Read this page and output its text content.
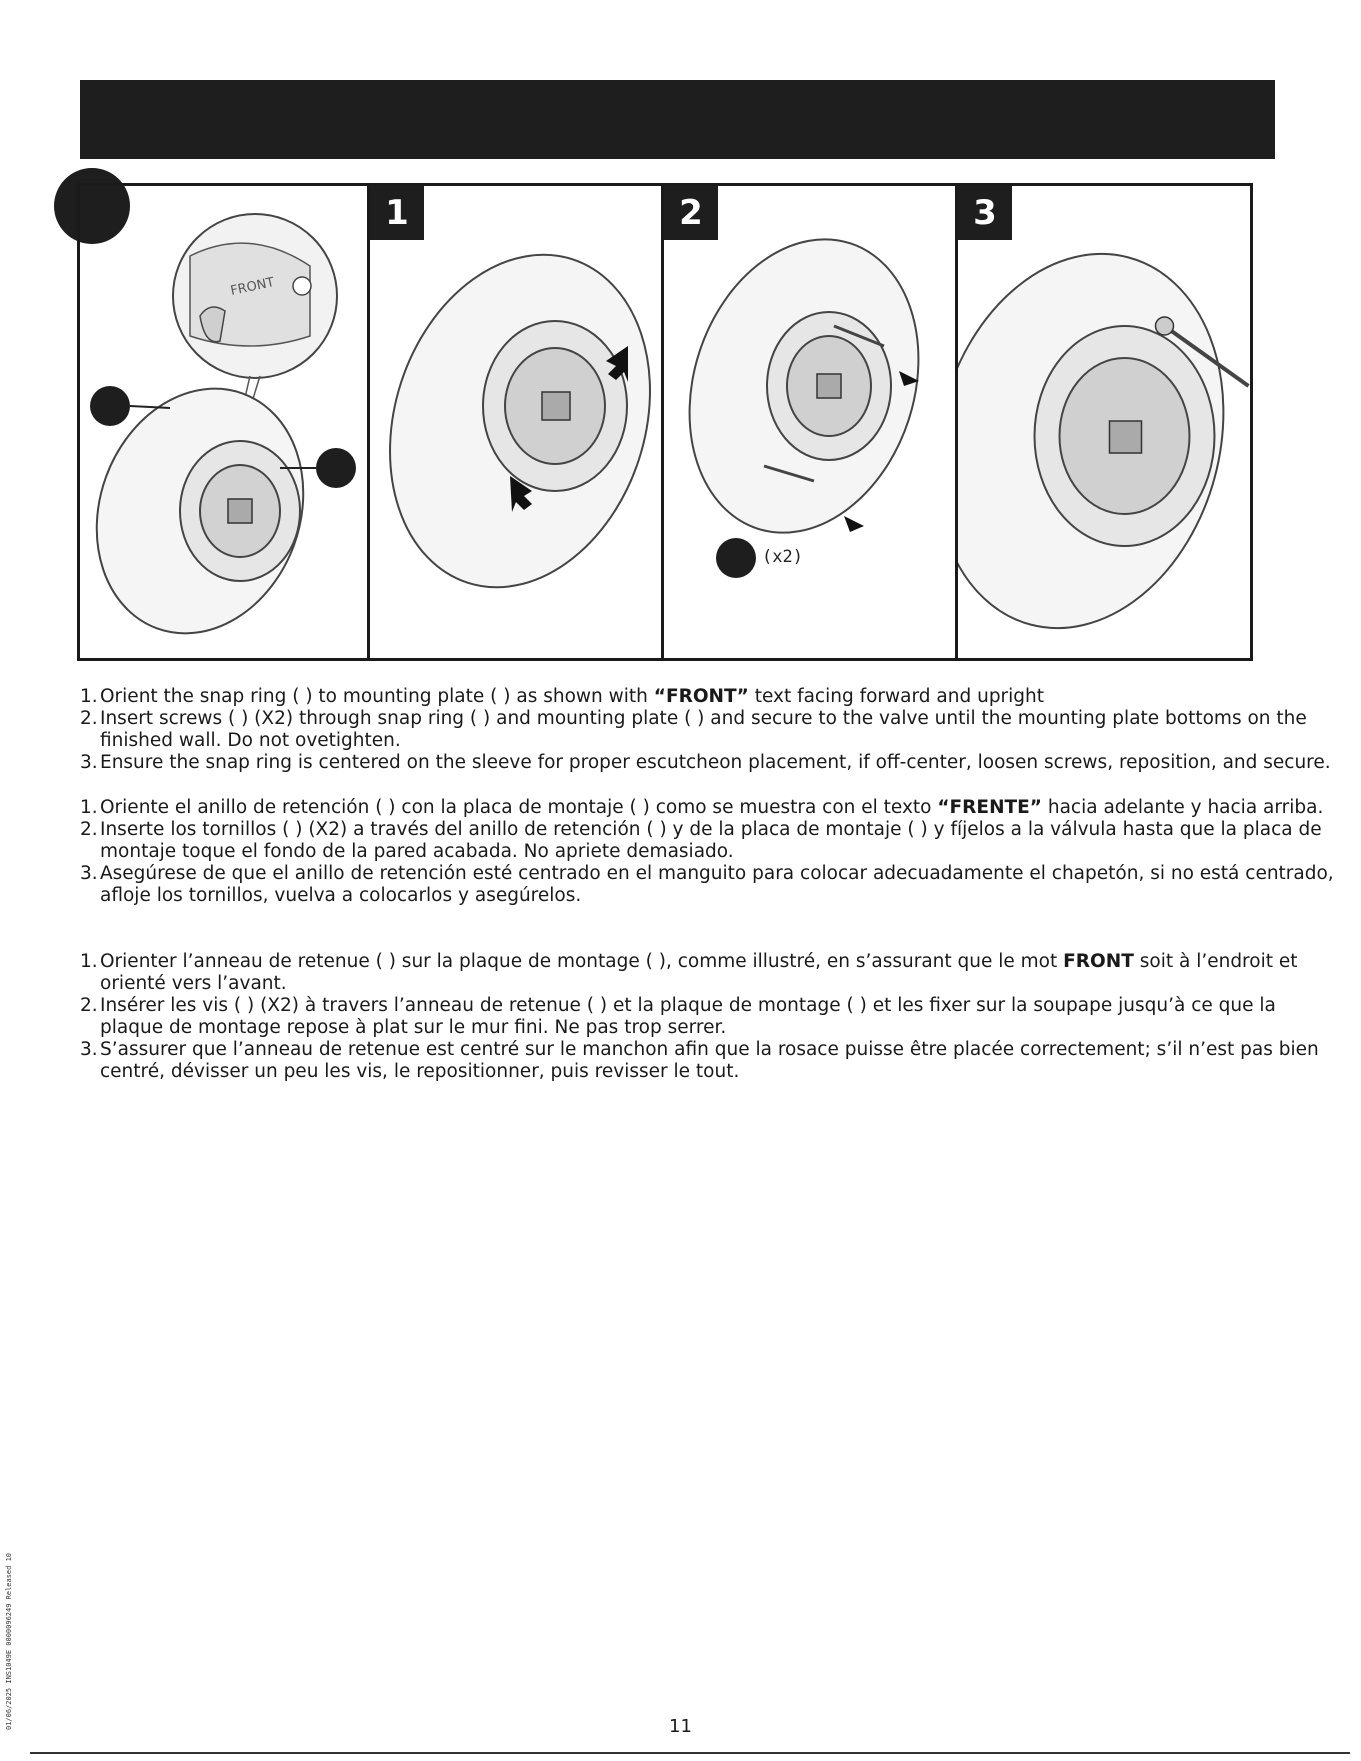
FRONT
1	2
(x2)
3
1. Orient the snap ring ( ) to mounting plate ( ) as shown with “FRONT” text facing forward and upright
2. Insert screws ( ) (X2) through snap ring ( ) and mounting plate ( ) and secure to the valve until the mounting plate bottoms on the finished wall. Do not ovetighten.
3. Ensure the snap ring is centered on the sleeve for proper escutcheon placement, if off-center, loosen screws, reposition, and secure.
1. Oriente el anillo de retención ( ) con la placa de montaje ( ) como se muestra con el texto “FRENTE” hacia adelante y hacia arriba.
2. Inserte los tornillos ( ) (X2) a través del anillo de retención ( ) y de la placa de montaje ( ) y fíjelos a la válvula hasta que la placa de montaje toque el fondo de la pared acabada. No apriete demasiado.
3. Asegúrese de que el anillo de retención esté centrado en el manguito para colocar adecuadamente el chapetón, si no está centrado, afloje los tornillos, vuelva a colocarlos y asegúrelos.
1. Orienter l’anneau de retenue ( ) sur la plaque de montage ( ), comme illustré, en s’assurant que le mot FRONT soit à l’endroit et orienté vers l’avant.
2. Insérer les vis ( ) (X2) à travers l’anneau de retenue ( ) et la plaque de montage ( ) et les fixer sur la soupape jusqu’à ce que la plaque de montage repose à plat sur le mur fini. Ne pas trop serrer.
3. S’assurer que l’anneau de retenue est centré sur le manchon afin que la rosace puisse être placée correctement; s’il n’est pas bien centré, dévisser un peu les vis, le repositionner, puis revisser le tout.
11
01/06/2025 INS1049E 0000096249 Released 10
